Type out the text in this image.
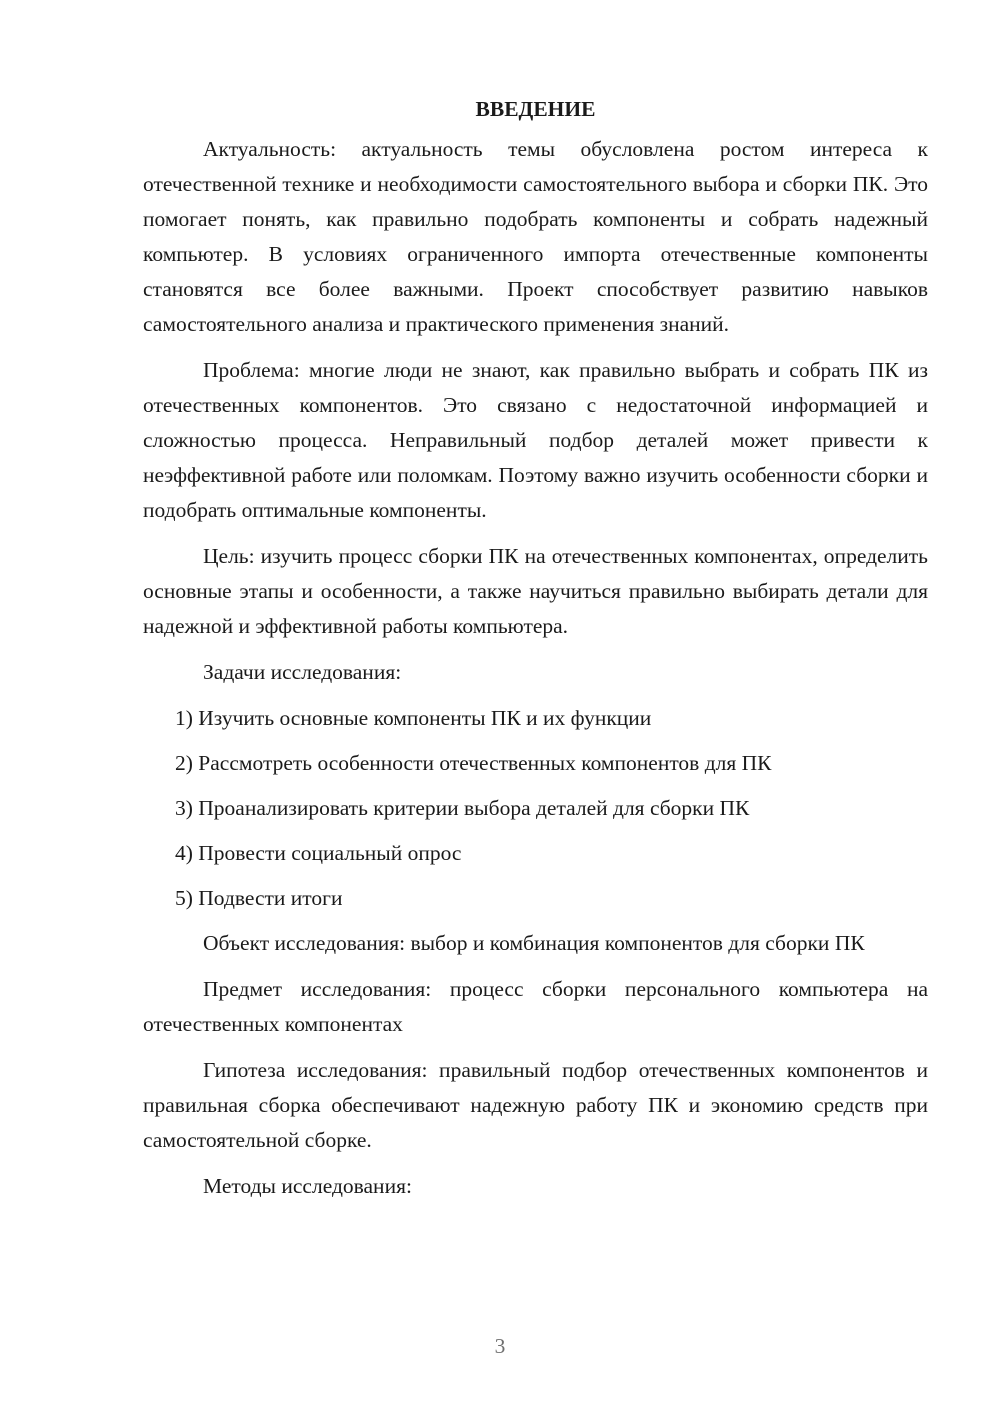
ВВЕДЕНИЕ

Актуальность: актуальность темы обусловлена ростом интереса к отечественной технике и необходимости самостоятельного выбора и сборки ПК. Это помогает понять, как правильно подобрать компоненты и собрать надежный компьютер. В условиях ограниченного импорта отечественные компоненты становятся все более важными. Проект способствует развитию навыков самостоятельного анализа и практического применения знаний.

Проблема: многие люди не знают, как правильно выбрать и собрать ПК из отечественных компонентов. Это связано с недостаточной информацией и сложностью процесса. Неправильный подбор деталей может привести к неэффективной работе или поломкам. Поэтому важно изучить особенности сборки и подобрать оптимальные компоненты.

Цель: изучить процесс сборки ПК на отечественных компонентах, определить основные этапы и особенности, а также научиться правильно выбирать детали для надежной и эффективной работы компьютера.

Задачи исследования:

1) Изучить основные компоненты ПК и их функции
2) Рассмотреть особенности отечественных компонентов для ПК
3) Проанализировать критерии выбора деталей для сборки ПК
4) Провести социальный опрос
5) Подвести итоги

Объект исследования: выбор и комбинация компонентов для сборки ПК

Предмет исследования: процесс сборки персонального компьютера на отечественных компонентах

Гипотеза исследования: правильный подбор отечественных компонентов и правильная сборка обеспечивают надежную работу ПК и экономию средств при самостоятельной сборке.

Методы исследования:

3
